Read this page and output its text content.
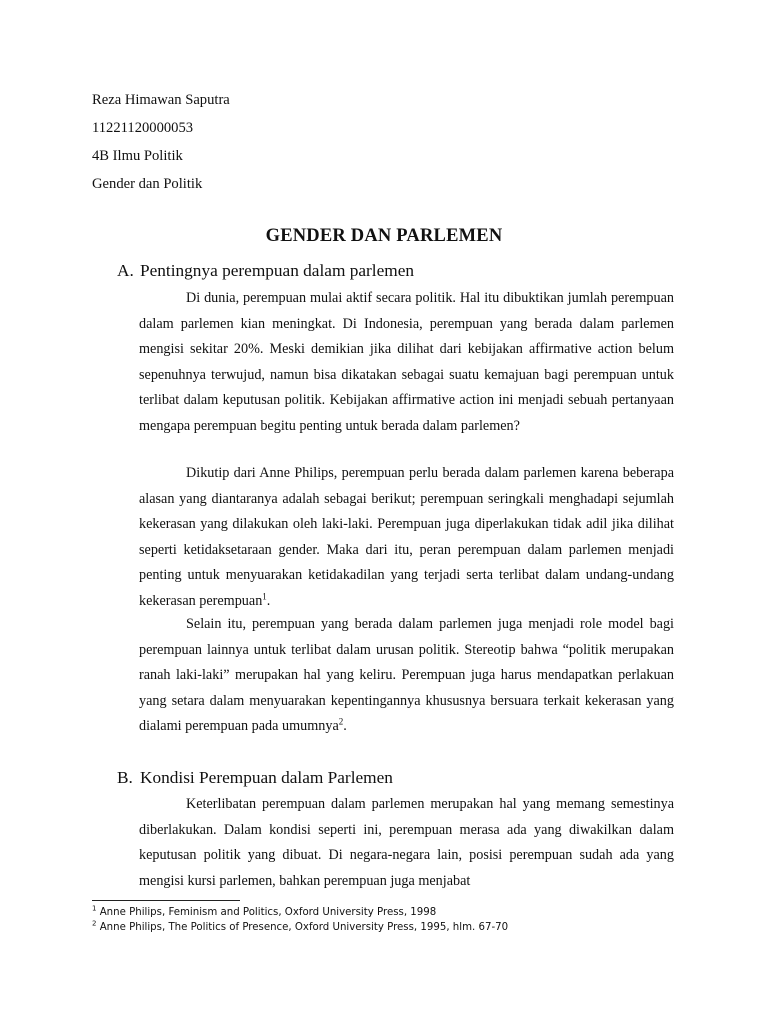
Reza Himawan Saputra
11221120000053
4B Ilmu Politik
Gender dan Politik
GENDER DAN PARLEMEN
A. Pentingnya perempuan dalam parlemen

Di dunia, perempuan mulai aktif secara politik. Hal itu dibuktikan jumlah perempuan dalam parlemen kian meningkat. Di Indonesia, perempuan yang berada dalam parlemen mengisi sekitar 20%. Meski demikian jika dilihat dari kebijakan affirmative action belum sepenuhnya terwujud, namun bisa dikatakan sebagai suatu kemajuan bagi perempuan untuk terlibat dalam keputusan politik. Kebijakan affirmative action ini menjadi sebuah pertanyaan mengapa perempuan begitu penting untuk berada dalam parlemen?

Dikutip dari Anne Philips, perempuan perlu berada dalam parlemen karena beberapa alasan yang diantaranya adalah sebagai berikut; perempuan seringkali menghadapi sejumlah kekerasan yang dilakukan oleh laki-laki. Perempuan juga diperlakukan tidak adil jika dilihat seperti ketidaksetaraan gender. Maka dari itu, peran perempuan dalam parlemen menjadi penting untuk menyuarakan ketidakadilan yang terjadi serta terlibat dalam undang-undang kekerasan perempuan$^1$.

Selain itu, perempuan yang berada dalam parlemen juga menjadi role model bagi perempuan lainnya untuk terlibat dalam urusan politik. Stereotip bahwa “politik merupakan ranah laki-laki” merupakan hal yang keliru. Perempuan juga harus mendapatkan perlakuan yang setara dalam menyuarakan kepentingannya khususnya bersuara terkait kekerasan yang dialami perempuan pada umumnya$^2$.

B. Kondisi Perempuan dalam Parlemen

Keterlibatan perempuan dalam parlemen merupakan hal yang memang semestinya diberlakukan. Dalam kondisi seperti ini, perempuan merasa ada yang diwakilkan dalam keputusan politik yang dibuat. Di negara-negara lain, posisi perempuan sudah ada yang mengisi kursi parlemen, bahkan perempuan juga menjabat

$^1$ Anne Philips, Feminism and Politics, Oxford University Press, 1998
$^2$ Anne Philips, The Politics of Presence, Oxford University Press, 1995, hlm. 67-70
